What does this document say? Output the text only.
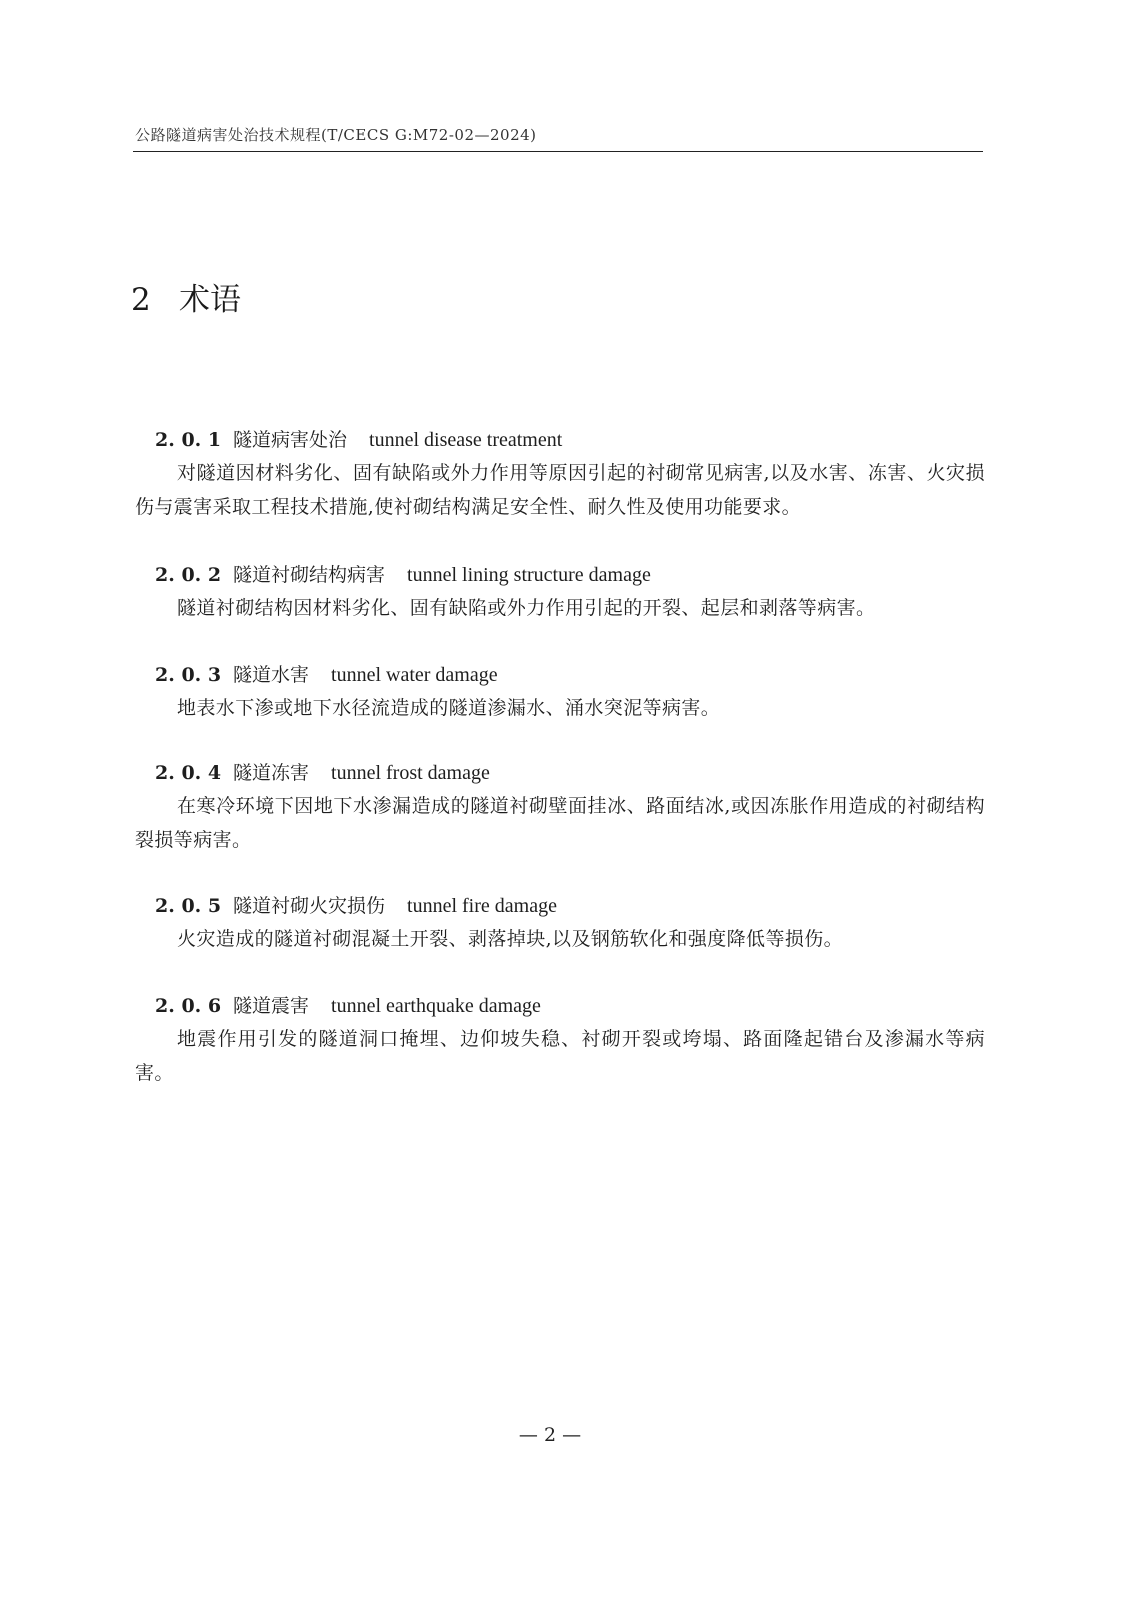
公路隧道病害处治技术规程(T/CECS G:M72-02—2024)
2 术语
2. 0. 1 隧道病害处治 tunnel disease treatment

对隧道因材料劣化、固有缺陷或外力作用等原因引起的衬砌常见病害,以及水害、冻害、火灾损伤与震害采取工程技术措施,使衬砌结构满足安全性、耐久性及使用功能要求。

2. 0. 2 隧道衬砌结构病害 tunnel lining structure damage

隧道衬砌结构因材料劣化、固有缺陷或外力作用引起的开裂、起层和剥落等病害。

2. 0. 3 隧道水害 tunnel water damage

地表水下渗或地下水径流造成的隧道渗漏水、涌水突泥等病害。

2. 0. 4 隧道冻害 tunnel frost damage

在寒冷环境下因地下水渗漏造成的隧道衬砌壁面挂冰、路面结冰,或因冻胀作用造成的衬砌结构裂损等病害。

2. 0. 5 隧道衬砌火灾损伤 tunnel fire damage

火灾造成的隧道衬砌混凝土开裂、剥落掉块,以及钢筋软化和强度降低等损伤。

2. 0. 6 隧道震害 tunnel earthquake damage

地震作用引发的隧道洞口掩埋、边仰坡失稳、衬砌开裂或垮塌、路面隆起错台及渗漏水等病害。

— 2 —
